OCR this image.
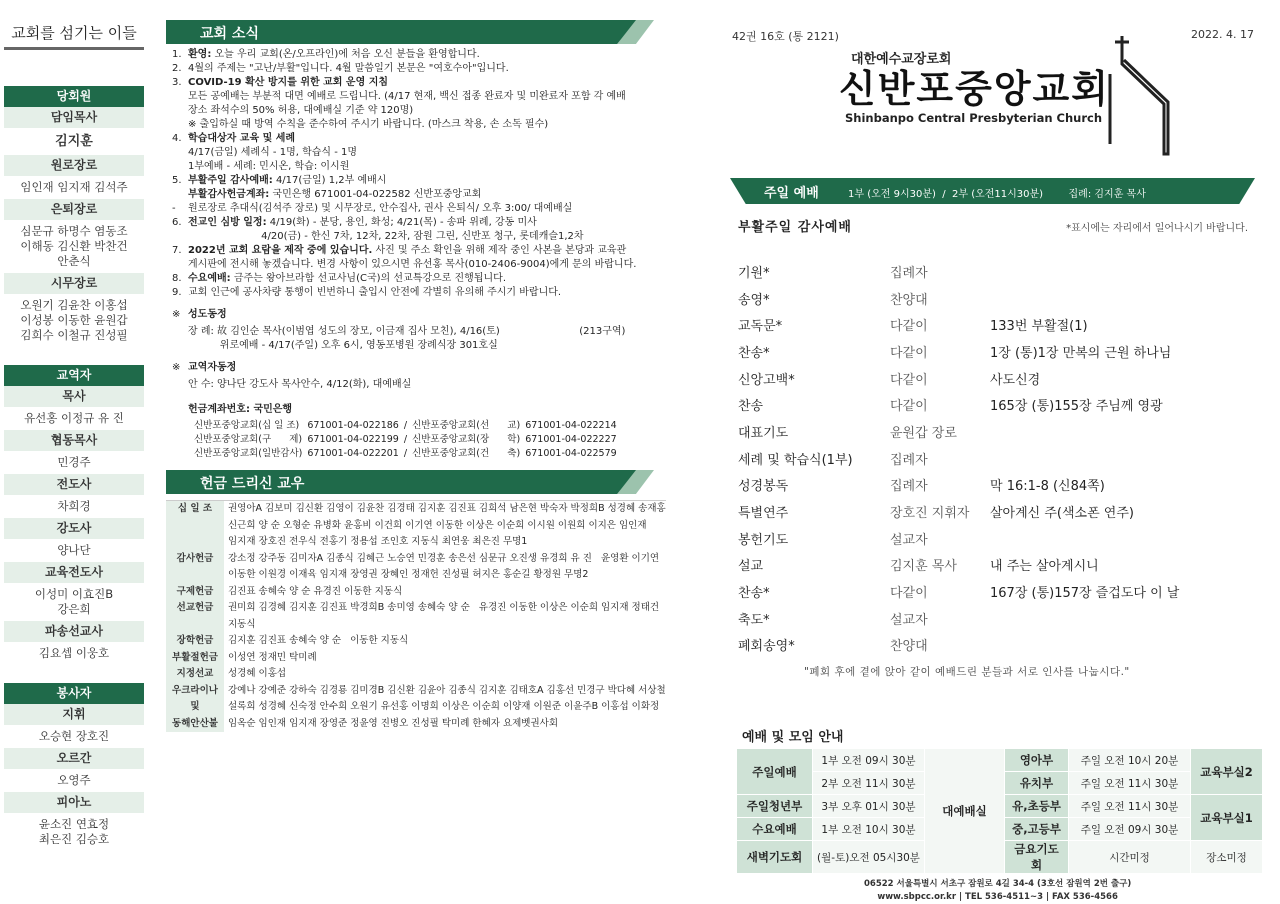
교회를 섬기는 이들
당회원
담임목사
김지훈
원로장로
임인재 임지재 김석주
은퇴장로
심문규 하명수 염동조
이해동 김신환 박찬건
안춘식
시무장로
오원기 김윤찬 이홍섭
이성봉 이동한 윤원갑
김희수 이철규 진성필
교역자
목사
유선홍 이정규 유 진
협동목사
민경주
전도사
차희경
강도사
양나단
교육전도사
이성미 이효진B
강은희
파송선교사
김요셉 이웅호
봉사자
지휘
오승현 장호진
오르간
오영주
피아노
윤소진 연효정
최은진 김승호
교회 소식
1. 환영: 오늘 우리 교회(온/오프라인)에 처음 오신 분들을 환영합니다.
2. 4월의 주제는 "고난/부활"입니다. 4월 말씀일기 본문은 "여호수아"입니다.
3. COVID-19 확산 방지를 위한 교회 운영 지침
모든 공예배는 부분적 대면 예배로 드립니다. (4/17 현재, 백신 접종 완료자 및 미완료자 포함 각 예배
장소 좌석수의 50% 허용, 대예배실 기준 약 120명)
※ 출입하실 때 방역 수칙을 준수하여 주시기 바랍니다. (마스크 착용, 손 소독 필수)
4. 학습대상자 교육 및 세례
4/17(금일) 세례식 - 1명, 학습식 - 1명
1부예배 - 세례: 민시온, 학습: 이시원
5. 부활주일 감사예배: 4/17(금일) 1,2부 예배시
부활감사헌금계좌: 국민은행 671001-04-022582 신반포중앙교회
-	원로장로 추대식(김석주 장로) 및 시무장로, 안수집사, 권사 은퇴식/ 오후 3:00/ 대예배실
6. 전교인 심방 일정: 4/19(화) - 분당, 용인, 화성; 4/21(목) - 송파 위례, 강동 미사
4/20(금) - 한신 7차, 12차, 22차, 잠원 그린, 신반포 청구, 롯데캐슬1,2차
7. 2022년 교회 요람을 제작 중에 있습니다. 사진 및 주소 확인을 위해 제작 중인 사본을 본당과 교육관
게시판에 전시해 놓겠습니다. 변경 사항이 있으시면 유선홍 목사(010-2406-9004)에게 문의 바랍니다.
8. 수요예배: 금주는 왕아브라함 선교사님(C국)의 선교특강으로 진행됩니다.
9. 교회 인근에 공사차량 통행이 빈번하니 출입시 안전에 각별히 유의해 주시기 바랍니다.
※ 성도동정
장 례: 故 김인순 목사(이범엽 성도의 장모, 이금재 집사 모친), 4/16(토)                         (213구역)
위로예배 - 4/17(주일) 오후 6시, 영동포병원 장례식장 301호실
※ 교역자동정
안 수: 양나단 강도사 목사안수, 4/12(화), 대예배실
헌금계좌번호: 국민은행
신반포중앙교회(십 일 조)	671001-04-022186	/	신반포중앙교회(선      교)	671001-04-022214
신반포중앙교회(구      제)	671001-04-022199	/	신반포중앙교회(장      학)	671001-04-022227
신반포중앙교회(일반감사)	671001-04-022201	/	신반포중앙교회(건      축)	671001-04-022579
헌금 드리신 교우
십 일 조	권영아A 김보미 김신환 김영이 김윤찬 김경태 김지훈 김진표 김희석 남은현 박숙자 박정희B 성경혜 송재홍
신근희 양 순 오형순 유병화 윤홍비 이건희 이기연 이동한 이상은 이순희 이시원 이원희 이지은 임인재
임지재 장호진 전우식 전홍기 정용섭 조인호 지동식 최연웅 최은진 무명1
감사헌금	강소정 강주동 김미자A 김종식 김혜근 노승연 민경훈 송은선 심문규 오진생 유경희 유 진   윤영환 이기연
이동한 이원경 이재육 임지재 장영권 장혜인 정재헌 진성필 허지은 홍순길 황정원 무명2
구제헌금	김진표 송혜숙 양 순 유경진 이동한 지동식
선교헌금	권미희 김경혜 김지훈 김진표 박경희B 송미영 송혜숙 양 순   유경진 이동한 이상은 이순희 임지재 정태건
지동식
장학헌금	김지훈 김진표 송혜숙 양 순   이동한 지동식
부활절헌금	이성연 정재민 탁미례
지정선교	성경혜 이홍섭
우크라이나	강예나 강예준 강하숙 김경룡 김미경B 김신환 김윤아 김종식 김지훈 김태호A 김홍선 민경구 박다혜 서상철
및	설록희 성경혜 신숙정 안수희 오원기 유선홍 이명희 이상은 이순희 이양재 이원준 이윤주B 이홍섭 이화정
동해안산불	임옥순 임인재 임지재 장영준 정윤영 진병오 진성필 탁미례 한혜자 요제벳권사회
42권 16호 (통 2121)	2022. 4. 17
대한예수교장로회
신반포중앙교회
Shinbanpo Central Presbyterian Church
주일 예배	1부 (오전 9시30분)  /  2부 (오전11시30분)        집례: 김지훈 목사
부활주일 감사예배	*표시에는 자리에서 일어나시기 바랍니다.
기원*	집례자
송영*	찬양대
교독문*	다같이	133번 부활절(1)
찬송*	다같이	1장 (통)1장 만복의 근원 하나님
신앙고백*	다같이	사도신경
찬송	다같이	165장 (통)155장 주님께 영광
대표기도	윤원갑 장로
세례 및 학습식(1부)	집례자
성경봉독	집례자	막 16:1-8 (신84쪽)
특별연주	장호진 지휘자	살아계신 주(색소폰 연주)
봉헌기도	설교자
설교	김지훈 목사	내 주는 살아계시니
찬송*	다같이	167장 (통)157장 즐겁도다 이 날
축도*	설교자
폐회송영*	찬양대
"폐회 후에 곁에 앉아 같이 예배드린 분들과 서로 인사를 나눕시다."
예배 및 모임 안내
주일예배	1부 오전 09시 30분	대예배실	영아부	주일 오전 10시 20분	교육부실2
	2부 오전 11시 30분		유치부	주일 오전 11시 30분	
주일청년부	3부 오후 01시 30분		유,초등부	주일 오전 11시 30분	교육부실1
수요예배	1부 오전 10시 30분		중,고등부	주일 오전 09시 30분	
새벽기도회	(월-토)오전 05시30분		금요기도회	시간미정	장소미정
06522 서울특별시 서초구 잠원로 4길 34-4 (3호선 잠원역 2번 출구)
www.sbpcc.or.kr | TEL 536-4511~3 | FAX 536-4566
